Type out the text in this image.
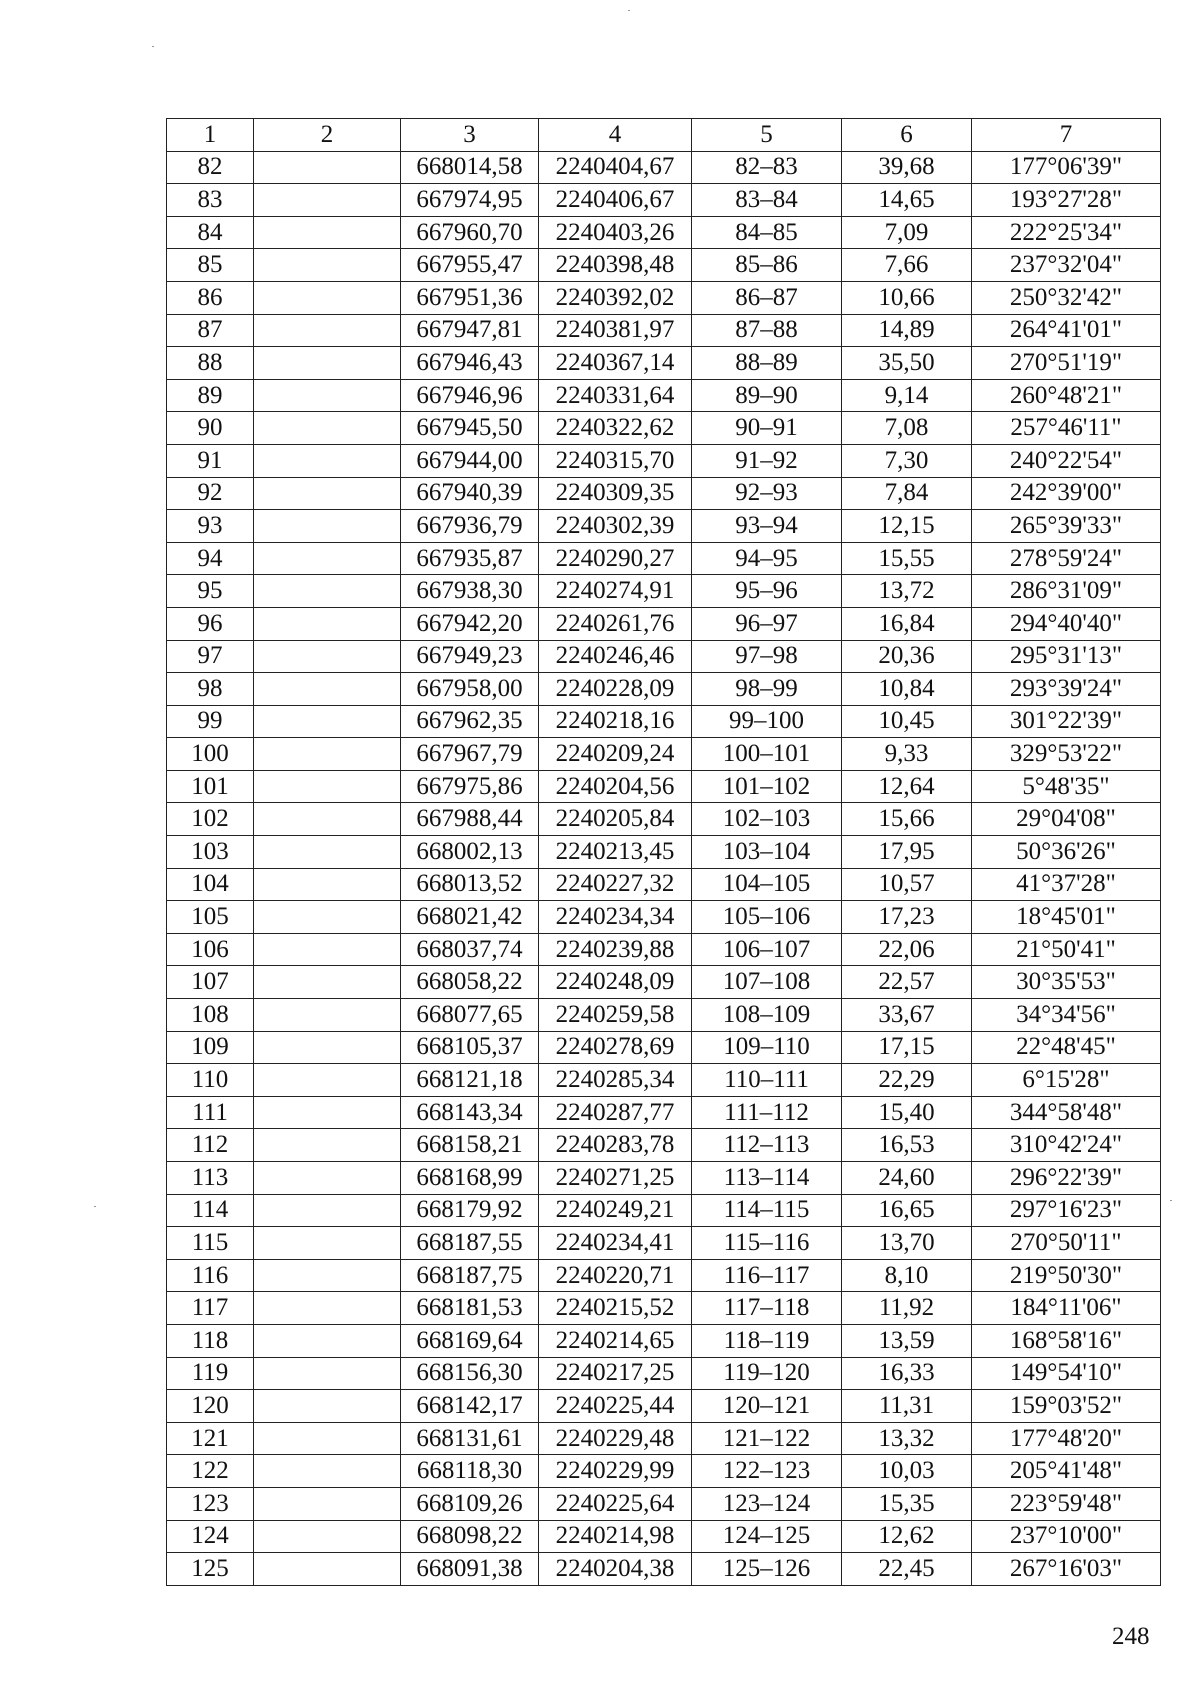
1	2	3	4	5	6	7
82		668014,58	2240404,67	82–83	39,68	177°06'39"
83		667974,95	2240406,67	83–84	14,65	193°27'28"
84		667960,70	2240403,26	84–85	7,09	222°25'34"
85		667955,47	2240398,48	85–86	7,66	237°32'04"
86		667951,36	2240392,02	86–87	10,66	250°32'42"
87		667947,81	2240381,97	87–88	14,89	264°41'01"
88		667946,43	2240367,14	88–89	35,50	270°51'19"
89		667946,96	2240331,64	89–90	9,14	260°48'21"
90		667945,50	2240322,62	90–91	7,08	257°46'11"
91		667944,00	2240315,70	91–92	7,30	240°22'54"
92		667940,39	2240309,35	92–93	7,84	242°39'00"
93		667936,79	2240302,39	93–94	12,15	265°39'33"
94		667935,87	2240290,27	94–95	15,55	278°59'24"
95		667938,30	2240274,91	95–96	13,72	286°31'09"
96		667942,20	2240261,76	96–97	16,84	294°40'40"
97		667949,23	2240246,46	97–98	20,36	295°31'13"
98		667958,00	2240228,09	98–99	10,84	293°39'24"
99		667962,35	2240218,16	99–100	10,45	301°22'39"
100		667967,79	2240209,24	100–101	9,33	329°53'22"
101		667975,86	2240204,56	101–102	12,64	5°48'35"
102		667988,44	2240205,84	102–103	15,66	29°04'08"
103		668002,13	2240213,45	103–104	17,95	50°36'26"
104		668013,52	2240227,32	104–105	10,57	41°37'28"
105		668021,42	2240234,34	105–106	17,23	18°45'01"
106		668037,74	2240239,88	106–107	22,06	21°50'41"
107		668058,22	2240248,09	107–108	22,57	30°35'53"
108		668077,65	2240259,58	108–109	33,67	34°34'56"
109		668105,37	2240278,69	109–110	17,15	22°48'45"
110		668121,18	2240285,34	110–111	22,29	6°15'28"
111		668143,34	2240287,77	111–112	15,40	344°58'48"
112		668158,21	2240283,78	112–113	16,53	310°42'24"
113		668168,99	2240271,25	113–114	24,60	296°22'39"
114		668179,92	2240249,21	114–115	16,65	297°16'23"
115		668187,55	2240234,41	115–116	13,70	270°50'11"
116		668187,75	2240220,71	116–117	8,10	219°50'30"
117		668181,53	2240215,52	117–118	11,92	184°11'06"
118		668169,64	2240214,65	118–119	13,59	168°58'16"
119		668156,30	2240217,25	119–120	16,33	149°54'10"
120		668142,17	2240225,44	120–121	11,31	159°03'52"
121		668131,61	2240229,48	121–122	13,32	177°48'20"
122		668118,30	2240229,99	122–123	10,03	205°41'48"
123		668109,26	2240225,64	123–124	15,35	223°59'48"
124		668098,22	2240214,98	124–125	12,62	237°10'00"
125		668091,38	2240204,38	125–126	22,45	267°16'03"
248
